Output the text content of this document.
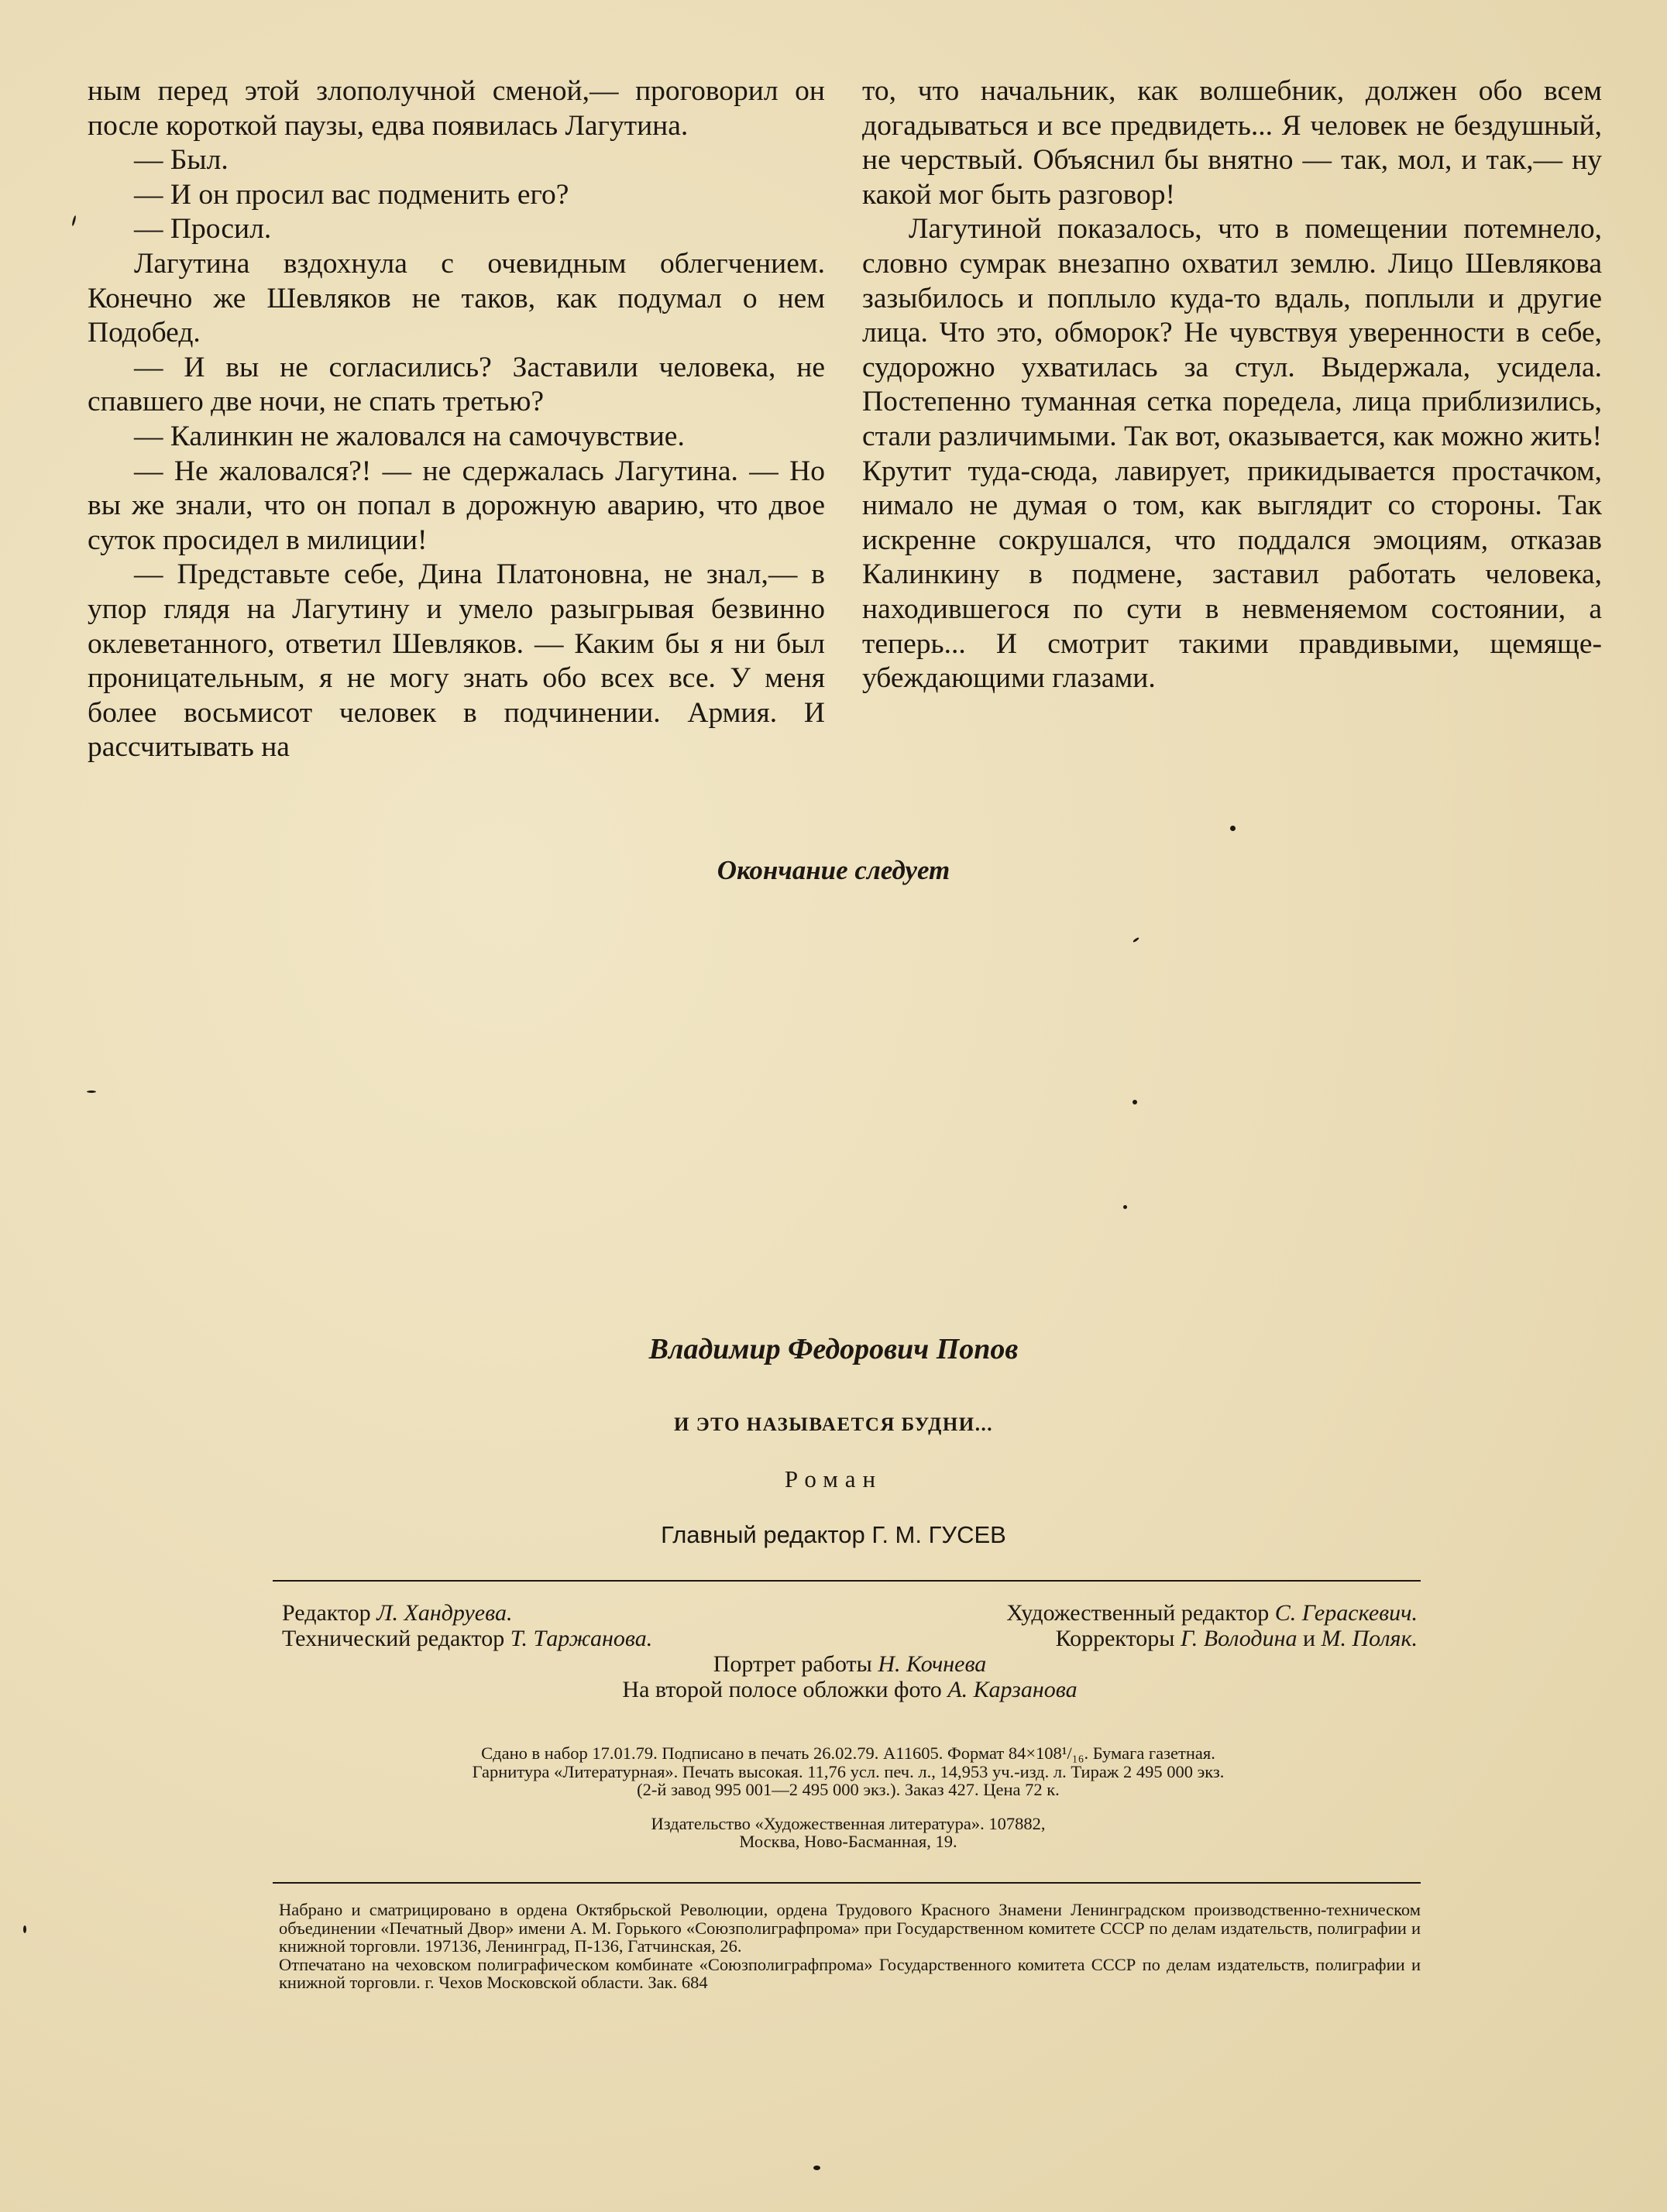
ным перед этой злополучной сменой,— проговорил он после короткой паузы, едва появилась Лагутина.

— Был.

— И он просил вас подменить его?

— Просил.

Лагутина вздохнула с очевидным облегчением. Конечно же Шевляков не таков, как подумал о нем Подобед.

— И вы не согласились? Заставили человека, не спавшего две ночи, не спать третью?

— Калинкин не жаловался на самочувствие.

— Не жаловался?! — не сдержалась Лагутина. — Но вы же знали, что он попал в дорожную аварию, что двое суток просидел в милиции!

— Представьте себе, Дина Платоновна, не знал,— в упор глядя на Лагутину и умело разыгрывая безвинно оклеветанного, ответил Шевляков. — Каким бы я ни был проницательным, я не могу знать обо всех все. У меня более восьмисот человек в подчинении. Армия. И рассчитывать на

то, что начальник, как волшебник, должен обо всем догадываться и все предвидеть... Я человек не бездушный, не черствый. Объяснил бы внятно — так, мол, и так,— ну какой мог быть разговор!

Лагутиной показалось, что в помещении потемнело, словно сумрак внезапно охватил землю. Лицо Шевлякова зазыбилось и поплыло куда-то вдаль, поплыли и другие лица. Что это, обморок? Не чувствуя уверенности в себе, судорожно ухватилась за стул. Выдержала, усидела. Постепенно туманная сетка поредела, лица приблизились, стали различимыми. Так вот, оказывается, как можно жить! Крутит туда-сюда, лавирует, прикидывается простачком, нимало не думая о том, как выглядит со стороны. Так искренне сокрушался, что поддался эмоциям, отказав Калинкину в подмене, заставил работать человека, находившегося по сути в невменяемом состоянии, а теперь... И смотрит такими правдивыми, щемяще-убеждающими глазами.

Окончание следует
Владимир Федорович Попов
И ЭТО НАЗЫВАЕТСЯ БУДНИ...
Роман
Главный редактор Г. М. ГУСЕВ
Редактор Л. Хандруева.	Художественный редактор С. Гераскевич.
Технический редактор Т. Тaржанова.	Корректоры Г. Володина и М. Поляк.
Портрет работы Н. Кочнева
На второй полосе обложки фото А. Карзанова

Сдано в набор 17.01.79. Подписано в печать 26.02.79. А11605. Формат 84×108¹/₁₆. Бумага газетная.

Гарнитура «Литературная». Печать высокая. 11,76 усл. печ. л., 14,953 уч.-изд. л. Тираж 2 495 000 экз.

(2-й завод 995 001—2 495 000 экз.). Заказ 427. Цена 72 к.

Издательство «Художественная литература». 107882,

Москва, Ново-Басманная, 19.

Набрано и сматрицировано в ордена Октябрьской Революции, ордена Трудового Красного Знамени Ленинградском производственно-техническом объединении «Печатный Двор» имени А. М. Горького «Союзполиграфпрома» при Государственном комитете СССР по делам издательств, полиграфии и книжной торговли. 197136, Ленинград, П-136, Гатчинская, 26.

Отпечатано на чеховском полиграфическом комбинате «Союзполиграфпрома» Государственного комитета СССР по делам издательств, полиграфии и книжной торговли. г. Чехов Московской области. Зак. 684
